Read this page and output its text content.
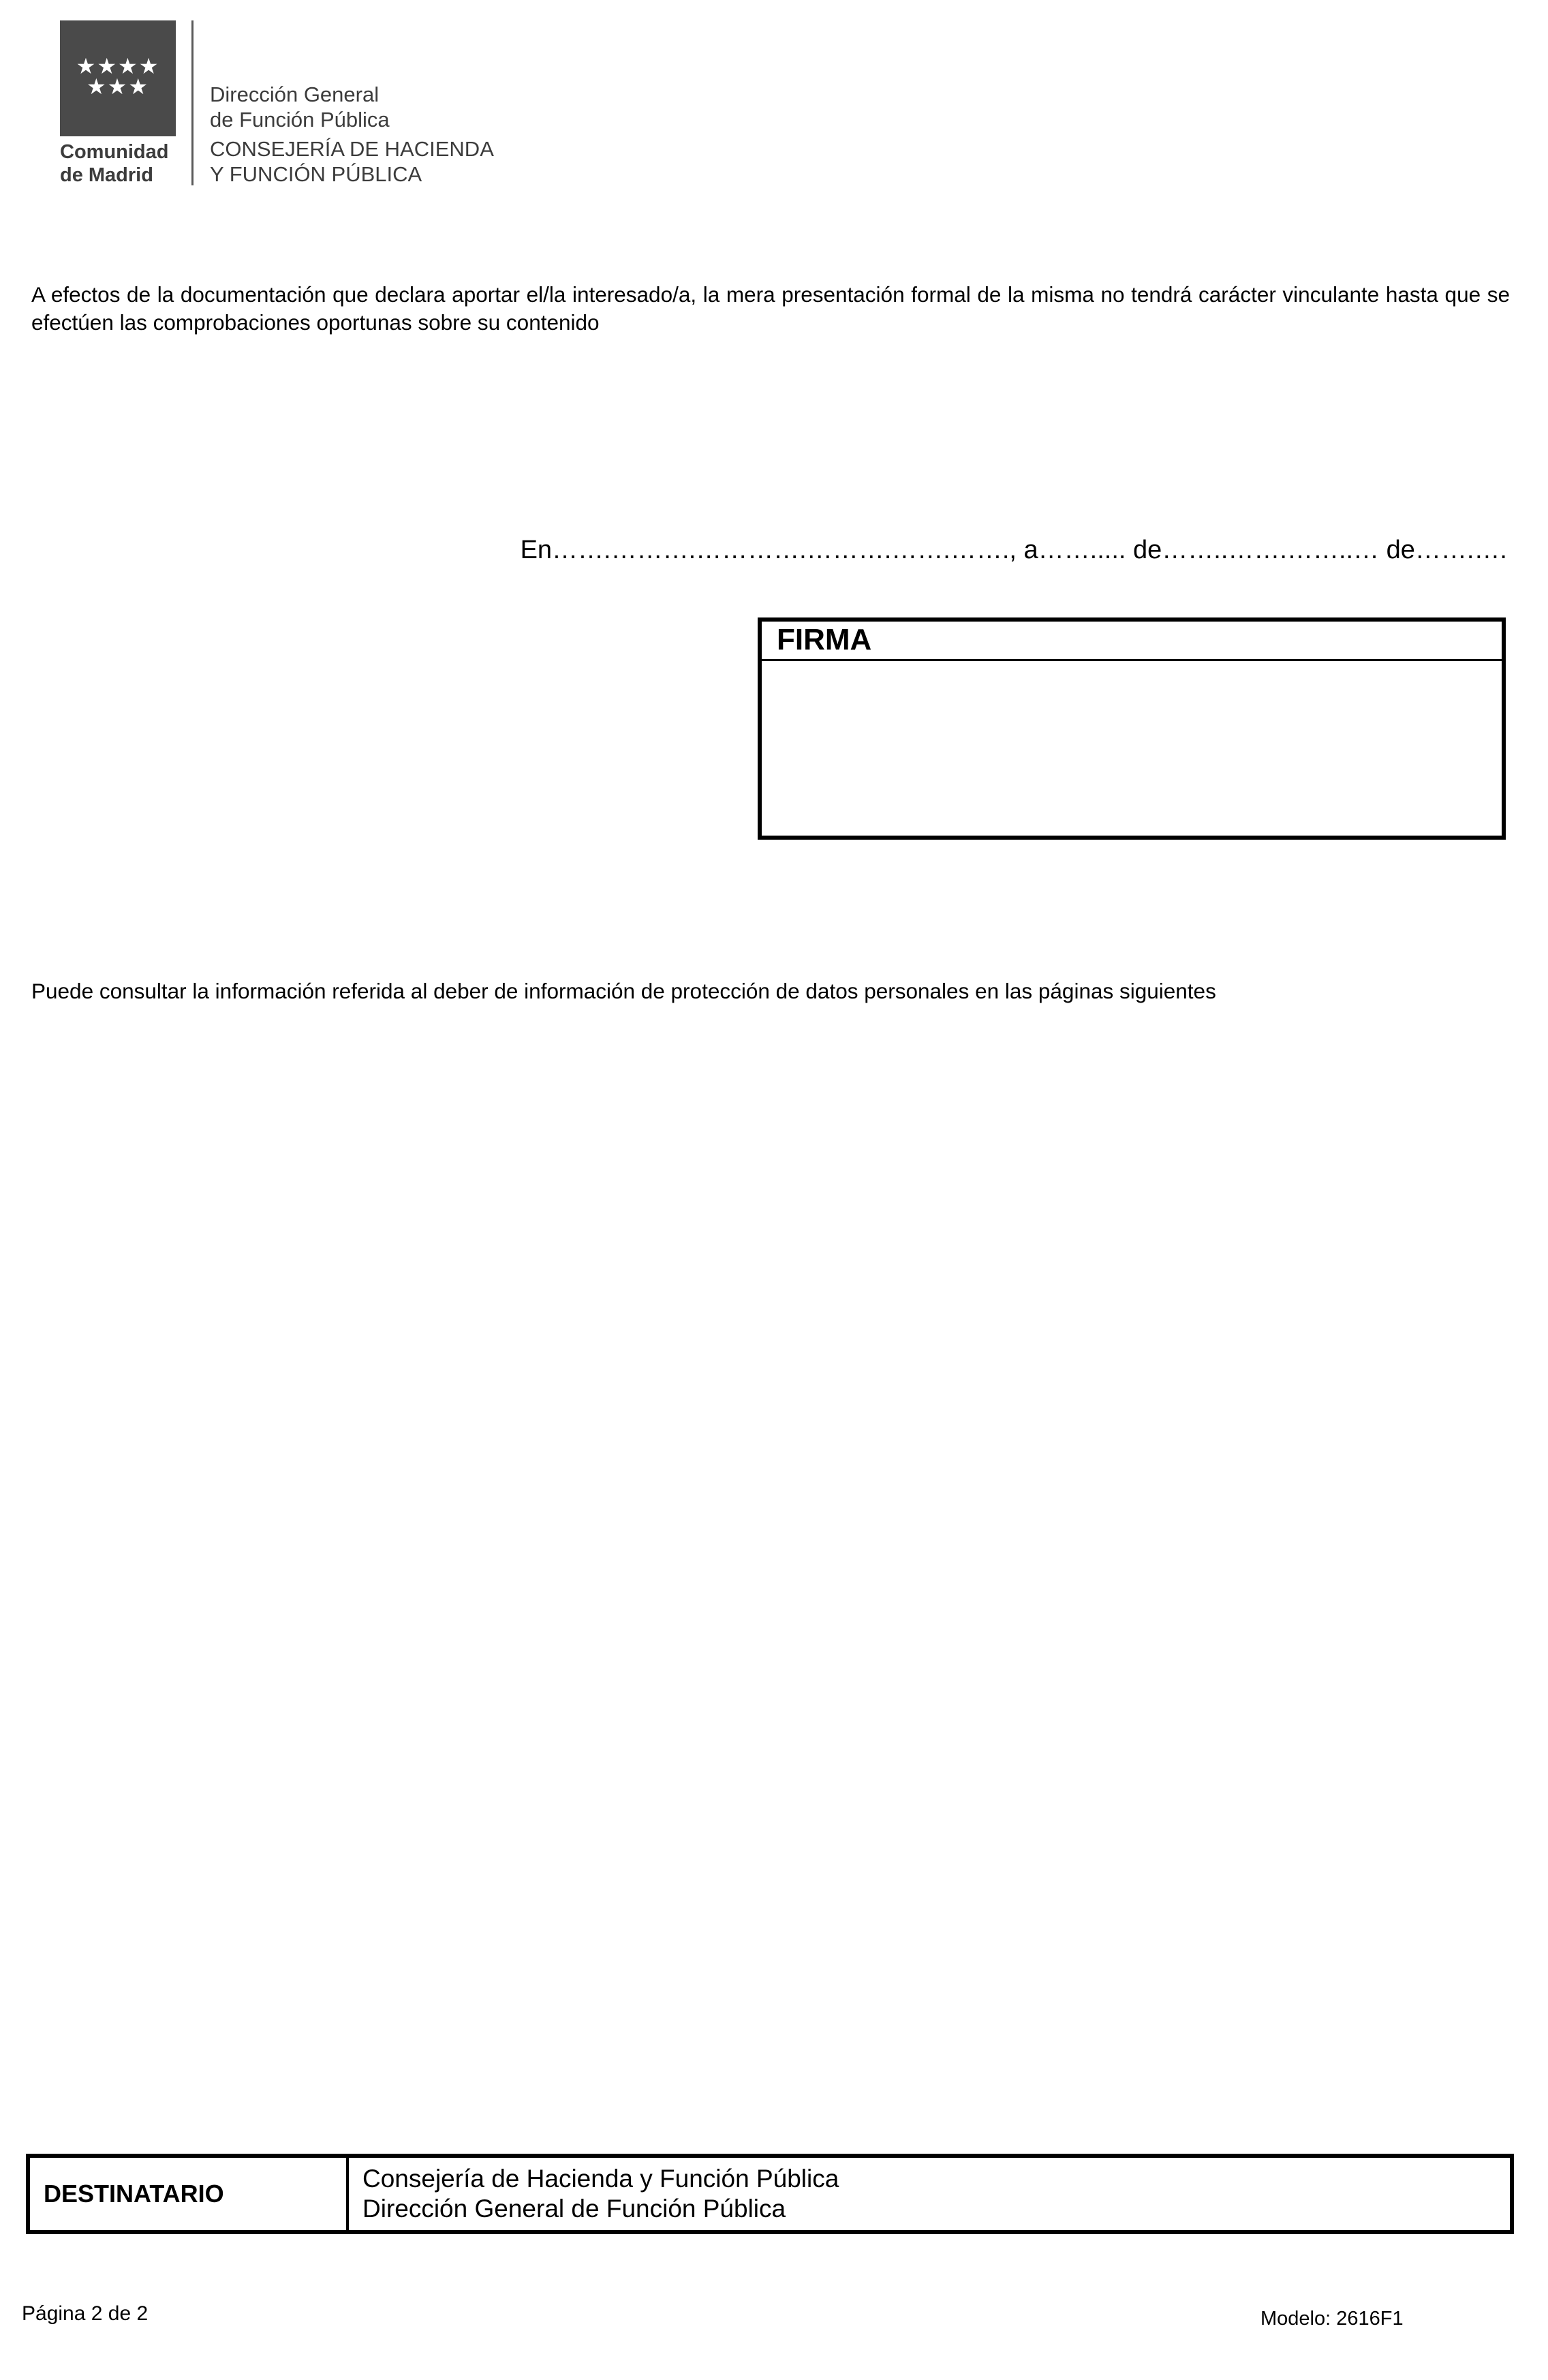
★★★★
★★★
Comunidad
de Madrid
Dirección General
de Función Pública
CONSEJERÍA DE HACIENDA
Y FUNCIÓN PÚBLICA
A efectos de la documentación que declara aportar el/la interesado/a, la mera presentación formal de la misma no tendrá carácter vinculante hasta que se efectúen las comprobaciones oportunas sobre su contenido
En…….……….………….……….…….……., a……..... de……..…….……..… de…….….
FIRMA
Puede consultar la información referida al deber de información de protección de datos personales en las páginas siguientes
DESTINATARIO
Consejería de Hacienda y Función Pública
Dirección General de Función Pública
Página 2 de 2	Modelo: 2616F1
